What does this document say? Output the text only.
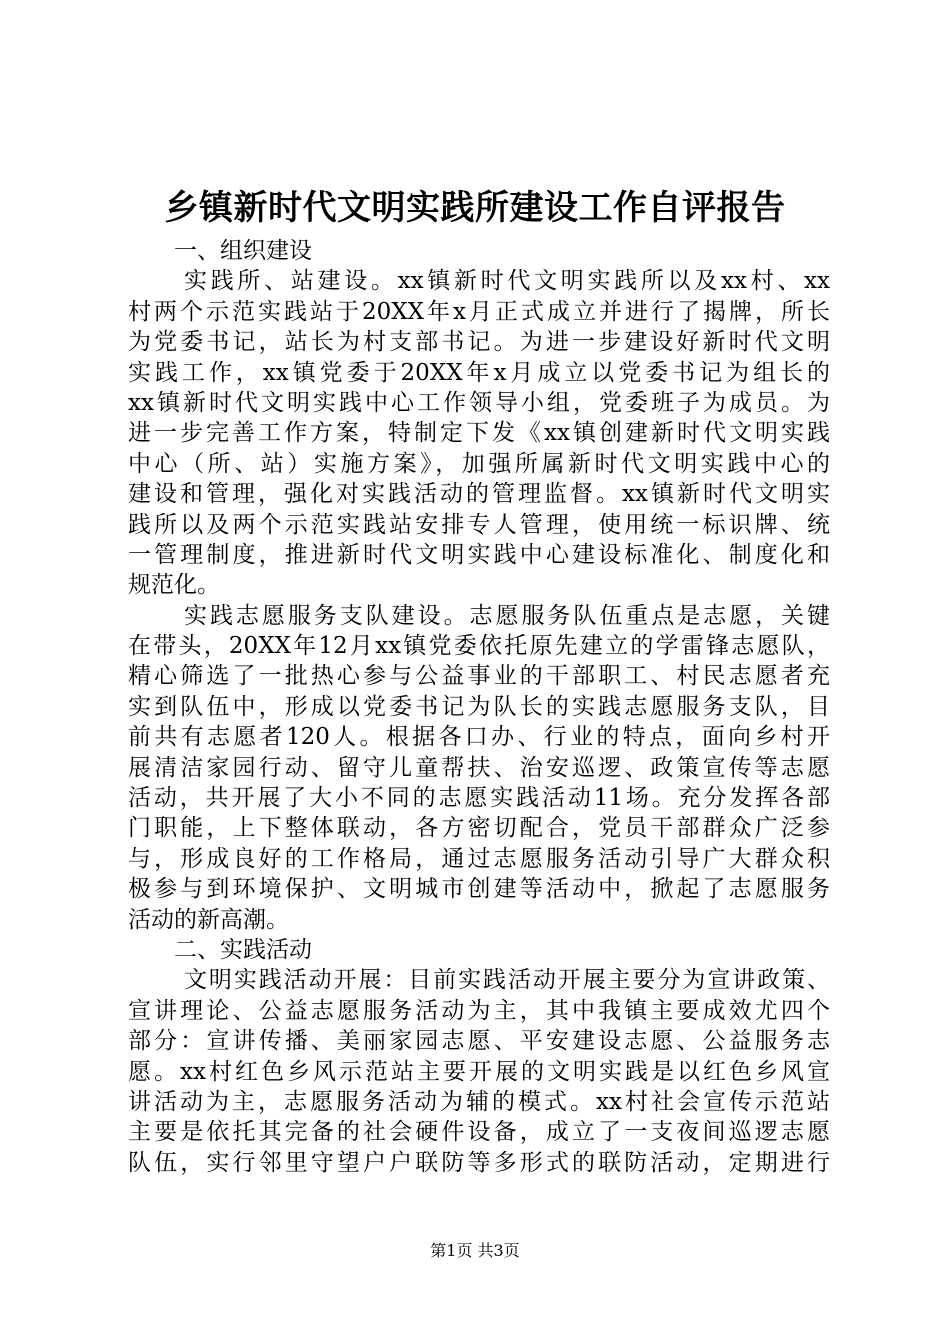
乡镇新时代文明实践所建设工作自评报告
一、组织建设
实践所、站建设。xx镇新时代文明实践所以及xx村、xx
村两个示范实践站于20XX年x月正式成立并进行了揭牌，所长
为党委书记，站长为村支部书记。为进一步建设好新时代文明
实践工作，xx镇党委于20XX年x月成立以党委书记为组长的
xx镇新时代文明实践中心工作领导小组，党委班子为成员。为
进一步完善工作方案，特制定下发《xx镇创建新时代文明实践
中心（所、站）实施方案》，加强所属新时代文明实践中心的
建设和管理，强化对实践活动的管理监督。xx镇新时代文明实
践所以及两个示范实践站安排专人管理，使用统一标识牌、统
一管理制度，推进新时代文明实践中心建设标准化、制度化和
规范化。
实践志愿服务支队建设。志愿服务队伍重点是志愿，关键
在带头，20XX年12月xx镇党委依托原先建立的学雷锋志愿队，
精心筛选了一批热心参与公益事业的干部职工、村民志愿者充
实到队伍中，形成以党委书记为队长的实践志愿服务支队，目
前共有志愿者120人。根据各口办、行业的特点，面向乡村开
展清洁家园行动、留守儿童帮扶、治安巡逻、政策宣传等志愿
活动，共开展了大小不同的志愿实践活动11场。充分发挥各部
门职能，上下整体联动，各方密切配合，党员干部群众广泛参
与，形成良好的工作格局，通过志愿服务活动引导广大群众积
极参与到环境保护、文明城市创建等活动中，掀起了志愿服务
活动的新高潮。
二、实践活动
文明实践活动开展：目前实践活动开展主要分为宣讲政策、
宣讲理论、公益志愿服务活动为主，其中我镇主要成效尤四个
部分：宣讲传播、美丽家园志愿、平安建设志愿、公益服务志
愿。xx村红色乡风示范站主要开展的文明实践是以红色乡风宣
讲活动为主，志愿服务活动为辅的模式。xx村社会宣传示范站
主要是依托其完备的社会硬件设备，成立了一支夜间巡逻志愿
队伍，实行邻里守望户户联防等多形式的联防活动，定期进行
第1页 共3页
